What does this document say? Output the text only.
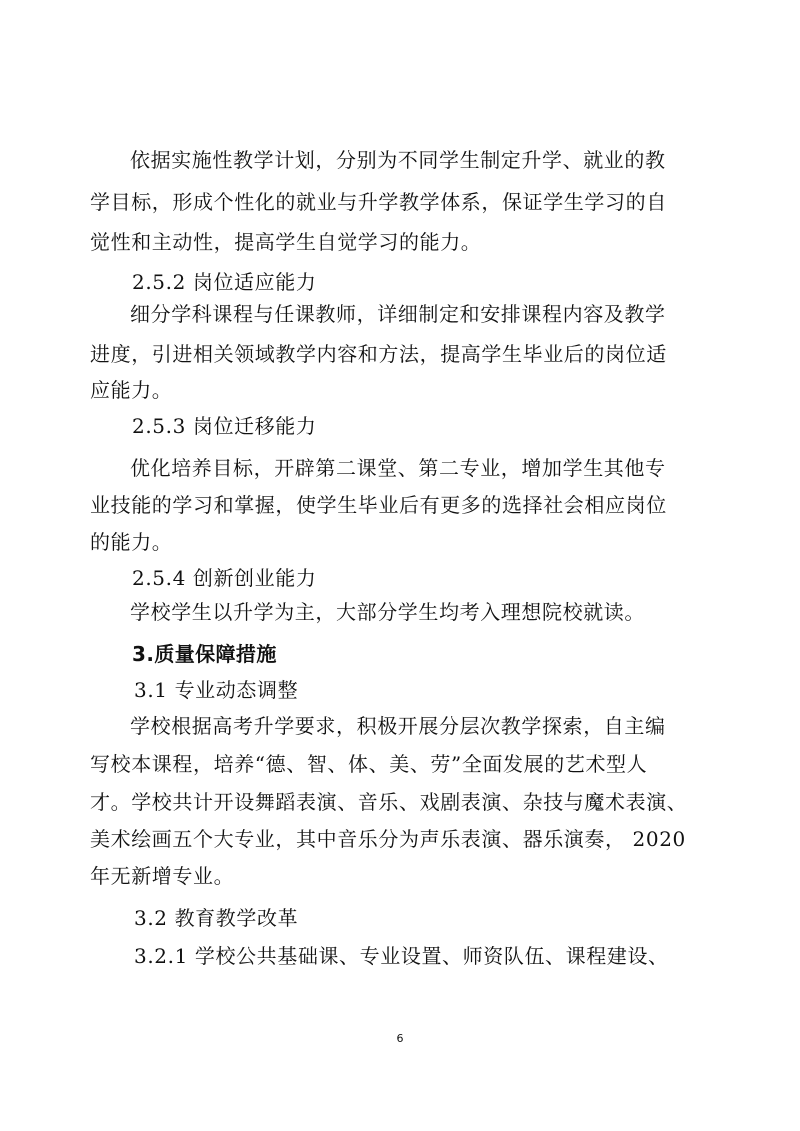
依据实施性教学计划，分别为不同学生制定升学、就业的教
学目标，形成个性化的就业与升学教学体系，保证学生学习的自
觉性和主动性，提高学生自觉学习的能力。
2.5.2 岗位适应能力
细分学科课程与任课教师，详细制定和安排课程内容及教学
进度，引进相关领域教学内容和方法，提高学生毕业后的岗位适
应能力。
2.5.3 岗位迁移能力
优化培养目标，开辟第二课堂、第二专业，增加学生其他专
业技能的学习和掌握，使学生毕业后有更多的选择社会相应岗位
的能力。
2.5.4 创新创业能力
学校学生以升学为主，大部分学生均考入理想院校就读。
3.质量保障措施
3.1 专业动态调整
学校根据高考升学要求，积极开展分层次教学探索，自主编
写校本课程，培养“德、智、体、美、劳”全面发展的艺术型人
才。学校共计开设舞蹈表演、音乐、戏剧表演、杂技与魔术表演、
美术绘画五个大专业，其中音乐分为声乐表演、器乐演奏， 2020
年无新增专业。
3.2 教育教学改革
3.2.1 学校公共基础课、专业设置、师资队伍、课程建设、
6
